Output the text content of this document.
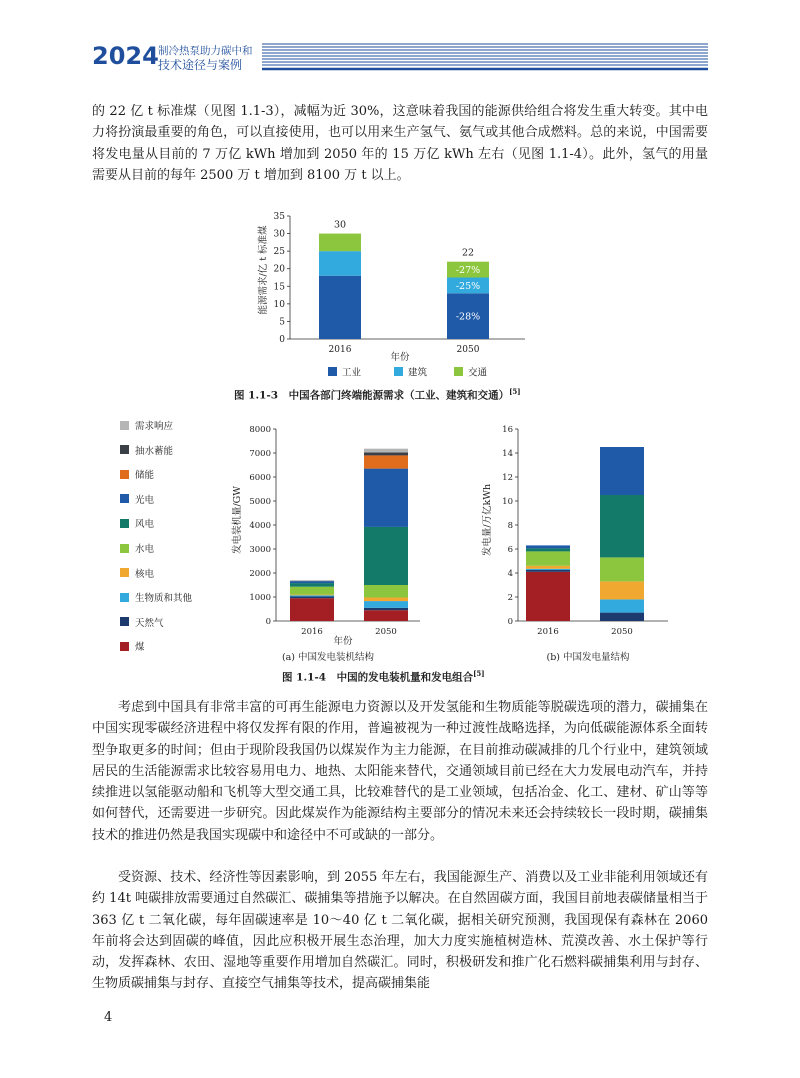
2024 制冷热泵助力碳中和
技术途径与案例

的 22 亿 t 标准煤（见图 1.1-3），减幅为近 30%，这意味着我国的能源供给组合将发生重大转变。其中电力将扮演最重要的角色，可以直接使用，也可以用来生产氢气、氨气或其他合成燃料。总的来说，中国需要将发电量从目前的 7 万亿 kWh 增加到 2050 年的 15 万亿 kWh 左右（见图 1.1-4）。此外，氢气的用量需要从目前的每年 2500 万 t 增加到 8100 万 t 以上。

能源需求/亿 t 标准煤
年份
工业	建筑	交通
0
5
10
15
20
25
30
35
30
2016
-28%
-25%
-27%
22
2050
图 1.1-3　中国各部门终端能源需求（工业、建筑和交通）[5]
需求响应
抽水蓄能
储能
光电
风电
水电
核电
生物质和其他
天然气
煤
发电装机量/GW
年份
(a) 中国发电装机结构
0
1000
2000
3000
4000
5000
6000
7000
8000
2016	2050
发电量/万亿kWh
(b) 中国发电量结构
0
2
4
6
8
10
12
14
16
2016	2050
图 1.1-4　中国的发电装机量和发电组合[5]

考虑到中国具有非常丰富的可再生能源电力资源以及开发氢能和生物质能等脱碳选项的潜力，碳捕集在中国实现零碳经济进程中将仅发挥有限的作用，普遍被视为一种过渡性战略选择，为向低碳能源体系全面转型争取更多的时间；但由于现阶段我国仍以煤炭作为主力能源，在目前推动碳减排的几个行业中，建筑领域居民的生活能源需求比较容易用电力、地热、太阳能来替代，交通领域目前已经在大力发展电动汽车，并持续推进以氢能驱动船和飞机等大型交通工具，比较难替代的是工业领域，包括冶金、化工、建材、矿山等等如何替代，还需要进一步研究。因此煤炭作为能源结构主要部分的情况未来还会持续较长一段时期，碳捕集技术的推进仍然是我国实现碳中和途径中不可或缺的一部分。

受资源、技术、经济性等因素影响，到 2055 年左右，我国能源生产、消费以及工业非能利用领域还有约 14t 吨碳排放需要通过自然碳汇、碳捕集等措施予以解决。在自然固碳方面，我国目前地表碳储量相当于 363 亿 t 二氧化碳，每年固碳速率是 10～40 亿 t 二氧化碳，据相关研究预测，我国现保有森林在 2060 年前将会达到固碳的峰值，因此应积极开展生态治理，加大力度实施植树造林、荒漠改善、水土保护等行动，发挥森林、农田、湿地等重要作用增加自然碳汇。同时，积极研发和推广化石燃料碳捕集利用与封存、生物质碳捕集与封存、直接空气捕集等技术，提高碳捕集能

4
